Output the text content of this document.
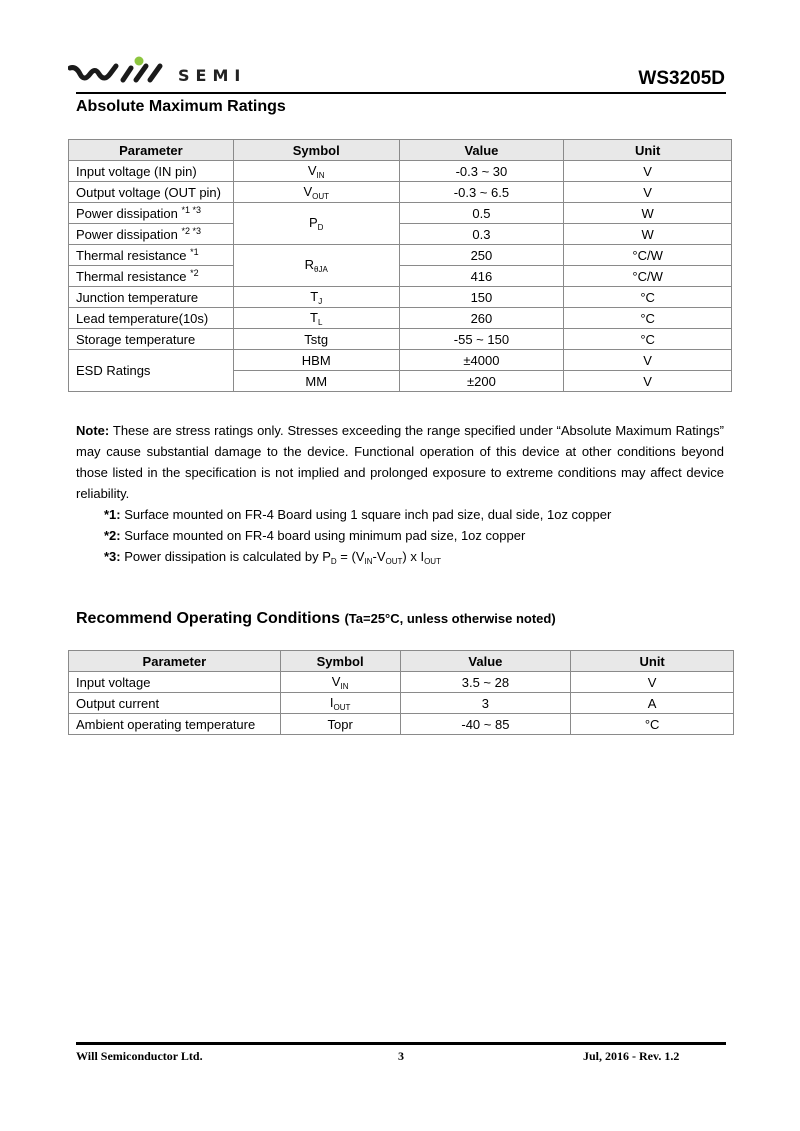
SEMI	WS3205D
Absolute Maximum Ratings
Parameter	Symbol	Value	Unit
Input voltage (IN pin)	$V_{IN}$	-0.3 ~ 30	V
Output voltage (OUT pin)	$V_{OUT}$	-0.3 ~ 6.5	V
Power dissipation $^{*1 *3}$	$P_D$	0.5	W
Power dissipation $^{*2 *3}$		0.3	W
Thermal resistance $^{*1}$	$R_{\theta JA}$	250	°C/W
Thermal resistance $^{*2}$		416	°C/W
Junction temperature	$T_J$	150	°C
Lead temperature(10s)	$T_L$	260	°C
Storage temperature	Tstg	-55 ~ 150	°C
ESD Ratings	HBM	±4000	V
	MM	±200	V
Note: These are stress ratings only. Stresses exceeding the range specified under “Absolute Maximum Ratings” may cause substantial damage to the device. Functional operation of this device at other conditions beyond those listed in the specification is not implied and prolonged exposure to extreme conditions may affect device reliability.
*1: Surface mounted on FR-4 Board using 1 square inch pad size, dual side, 1oz copper
*2: Surface mounted on FR-4 board using minimum pad size, 1oz copper
*3: Power dissipation is calculated by $P_D = (V_{IN}-V_{OUT})$ x $I_{OUT}$
Recommend Operating Conditions (Ta=25°C, unless otherwise noted)
Parameter	Symbol	Value	Unit
Input voltage	$V_{IN}$	3.5 ~ 28	V
Output current	$I_{OUT}$	3	A
Ambient operating temperature	Topr	-40 ~ 85	°C
Will Semiconductor Ltd.	3	Jul, 2016 - Rev. 1.2
